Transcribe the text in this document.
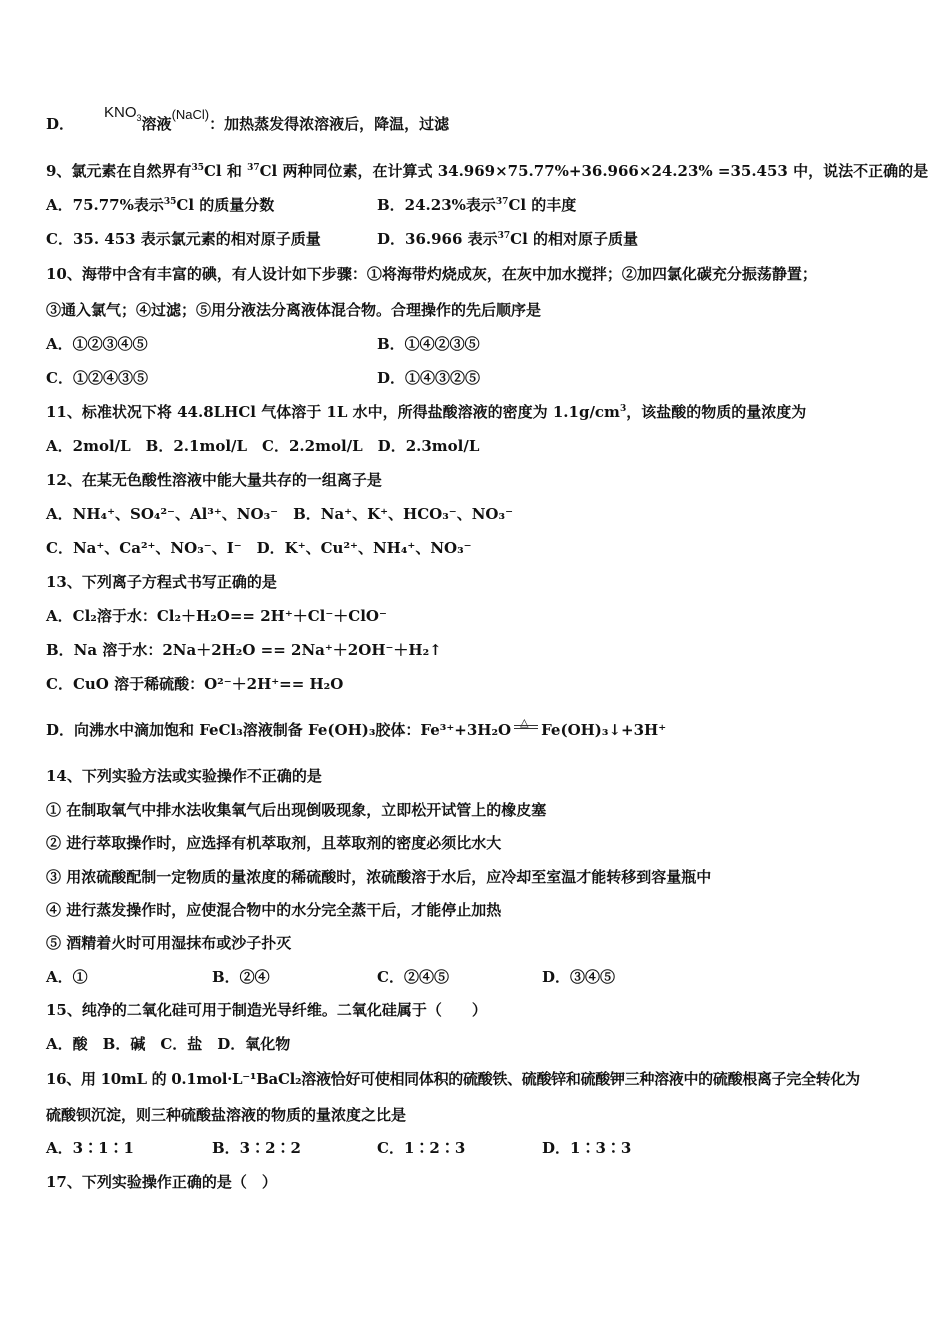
D．$KNO_3$溶液(NaCl)：加热蒸发得浓溶液后，降温，过滤
9、氯元素在自然界有$^{35}$Cl 和 $^{37}$Cl 两种同位素，在计算式 34.969×75.77%+36.966×24.23% =35.453 中，说法不正确的是
A．75.77%表示$^{35}$Cl 的质量分数	B．24.23%表示$^{37}$Cl 的丰度
C．35. 453 表示氯元素的相对原子质量	D．36.966 表示$^{37}$Cl 的相对原子质量
10、海带中含有丰富的碘，有人设计如下步骤：①将海带灼烧成灰，在灰中加水搅拌；②加四氯化碳充分振荡静置；
③通入氯气；④过滤；⑤用分液法分离液体混合物。合理操作的先后顺序是
A．①②③④⑤	B．①④②③⑤
C．①②④③⑤	D．①④③②⑤
11、标准状况下将 44.8LHCl 气体溶于 1L 水中，所得盐酸溶液的密度为 $1.1g/cm^3$，该盐酸的物质的量浓度为
A．2mol/L　B．2.1mol/L　C．2.2mol/L　D．2.3mol/L
12、在某无色酸性溶液中能大量共存的一组离子是
A．NH₄⁺、SO₄²⁻、Al³⁺、NO₃⁻　 B．Na⁺、K⁺、HCO₃⁻、NO₃⁻
C．Na⁺、Ca²⁺、NO₃⁻、I⁻　 D．K⁺、Cu²⁺、NH₄⁺、NO₃⁻
13、下列离子方程式书写正确的是
A．Cl₂溶于水：Cl₂＋H₂O== 2H⁺＋Cl⁻＋ClO⁻
B．Na 溶于水：2Na＋2H₂O == 2Na⁺＋2OH⁻＋H₂↑
C．CuO 溶于稀硫酸：O²⁻＋2H⁺== H₂O
D．向沸水中滴加饱和 FeCl₃溶液制备 Fe(OH)₃胶体：Fe³⁺+3H₂O △ Fe(OH)₃↓+3H⁺
14、下列实验方法或实验操作不正确的是
① 在制取氧气中排水法收集氧气后出现倒吸现象，立即松开试管上的橡皮塞
② 进行萃取操作时，应选择有机萃取剂，且萃取剂的密度必须比水大
③ 用浓硫酸配制一定物质的量浓度的稀硫酸时，浓硫酸溶于水后，应冷却至室温才能转移到容量瓶中
④ 进行蒸发操作时，应使混合物中的水分完全蒸干后，才能停止加热
⑤ 酒精着火时可用湿抹布或沙子扑灭
A．①	B．②④	C．②④⑤	D．③④⑤
15、纯净的二氧化硅可用于制造光导纤维。二氧化硅属于（　　）
A．酸　B．碱　C．盐　D．氧化物
16、用 10mL 的 0.1mol·L⁻¹BaCl₂溶液恰好可使相同体积的硫酸铁、硫酸锌和硫酸钾三种溶液中的硫酸根离子完全转化为
硫酸钡沉淀，则三种硫酸盐溶液的物质的量浓度之比是
A．3∶1∶1	B．3∶2∶2	C．1∶2∶3	D．1∶3∶3
17、下列实验操作正确的是（　）
